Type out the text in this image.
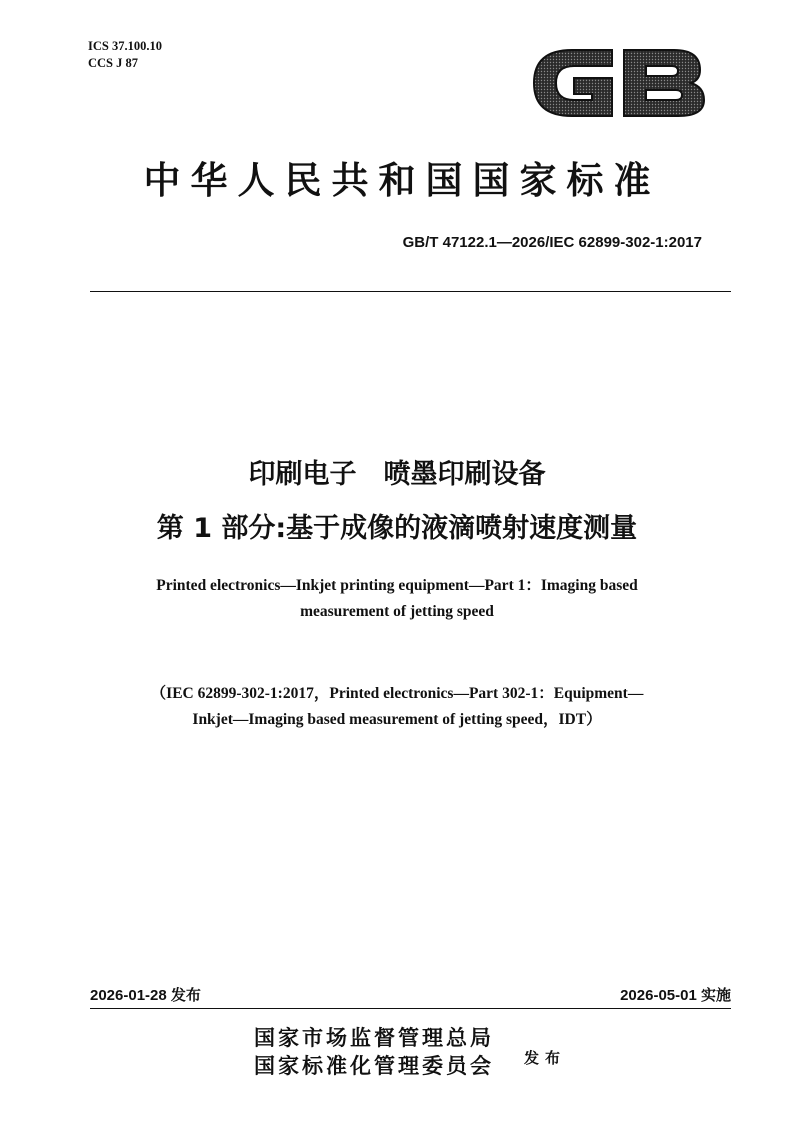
ICS 37.100.10
CCS J 87
中华人民共和国国家标准
GB/T 47122.1—2026/IEC 62899-302-1:2017
印刷电子　喷墨印刷设备
第 1 部分:基于成像的液滴喷射速度测量
Printed electronics—Inkjet printing equipment—Part 1：Imaging based
measurement of jetting speed
（IEC 62899-302-1:2017，Printed electronics—Part 302-1：Equipment—
Inkjet—Imaging based measurement of jetting speed，IDT）
2026-01-28 发布	2026-05-01 实施
国家市场监督管理总局
国家标准化管理委员会 发布
